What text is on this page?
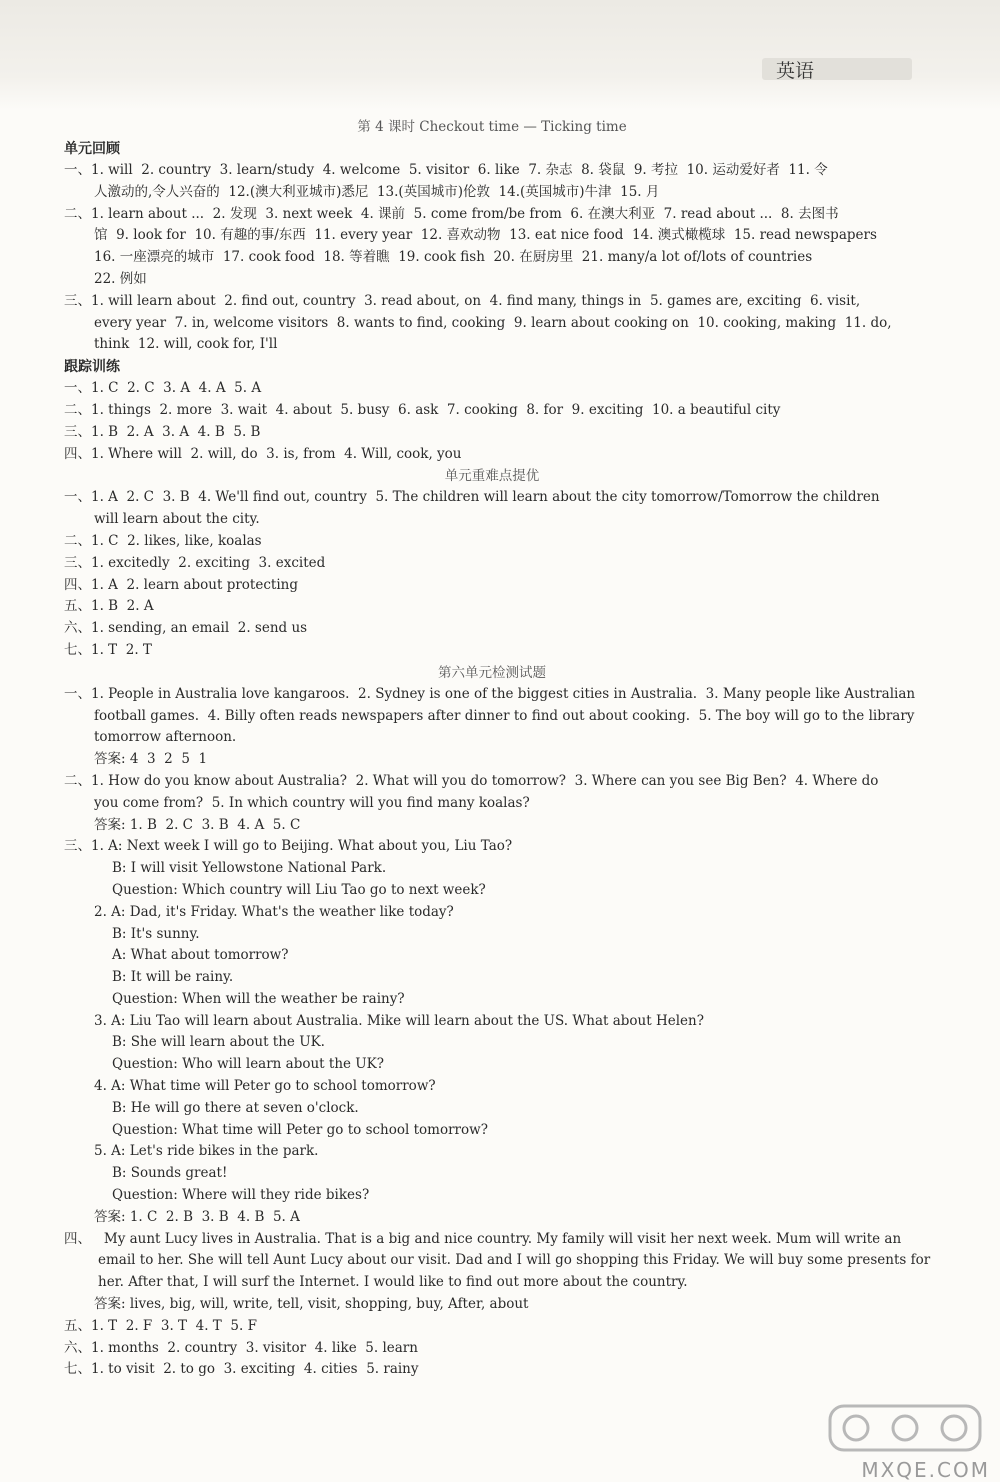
英语
第 4 课时 Checkout time — Ticking time
单元回顾
一、1. will  2. country  3. learn/study  4. welcome  5. visitor  6. like  7. 杂志  8. 袋鼠  9. 考拉  10. 运动爱好者  11. 令
人激动的,令人兴奋的  12.(澳大利亚城市)悉尼  13.(英国城市)伦敦  14.(英国城市)牛津  15. 月
二、1. learn about ...  2. 发现  3. next week  4. 课前  5. come from/be from  6. 在澳大利亚  7. read about ...  8. 去图书
馆  9. look for  10. 有趣的事/东西  11. every year  12. 喜欢动物  13. eat nice food  14. 澳式橄榄球  15. read newspapers
16. 一座漂亮的城市  17. cook food  18. 等着瞧  19. cook fish  20. 在厨房里  21. many/a lot of/lots of countries
22. 例如
三、1. will learn about  2. find out, country  3. read about, on  4. find many, things in  5. games are, exciting  6. visit,
every year  7. in, welcome visitors  8. wants to find, cooking  9. learn about cooking on  10. cooking, making  11. do,
think  12. will, cook for, I'll
跟踪训练
一、1. C  2. C  3. A  4. A  5. A
二、1. things  2. more  3. wait  4. about  5. busy  6. ask  7. cooking  8. for  9. exciting  10. a beautiful city
三、1. B  2. A  3. A  4. B  5. B
四、1. Where will  2. will, do  3. is, from  4. Will, cook, you
单元重难点提优
一、1. A  2. C  3. B  4. We'll find out, country  5. The children will learn about the city tomorrow/Tomorrow the children
will learn about the city.
二、1. C  2. likes, like, koalas
三、1. excitedly  2. exciting  3. excited
四、1. A  2. learn about protecting
五、1. B  2. A
六、1. sending, an email  2. send us
七、1. T  2. T
第六单元检测试题
一、1. People in Australia love kangaroos.  2. Sydney is one of the biggest cities in Australia.  3. Many people like Australian
football games.  4. Billy often reads newspapers after dinner to find out about cooking.  5. The boy will go to the library
tomorrow afternoon.
答案: 4  3  2  5  1
二、1. How do you know about Australia?  2. What will you do tomorrow?  3. Where can you see Big Ben?  4. Where do
you come from?  5. In which country will you find many koalas?
答案: 1. B  2. C  3. B  4. A  5. C
三、1. A: Next week I will go to Beijing. What about you, Liu Tao?
B: I will visit Yellowstone National Park.
Question: Which country will Liu Tao go to next week?
2. A: Dad, it's Friday. What's the weather like today?
B: It's sunny.
A: What about tomorrow?
B: It will be rainy.
Question: When will the weather be rainy?
3. A: Liu Tao will learn about Australia. Mike will learn about the US. What about Helen?
B: She will learn about the UK.
Question: Who will learn about the UK?
4. A: What time will Peter go to school tomorrow?
B: He will go there at seven o'clock.
Question: What time will Peter go to school tomorrow?
5. A: Let's ride bikes in the park.
B: Sounds great!
Question: Where will they ride bikes?
答案: 1. C  2. B  3. B  4. B  5. A
四、   My aunt Lucy lives in Australia. That is a big and nice country. My family will visit her next week. Mum will write an
email to her. She will tell Aunt Lucy about our visit. Dad and I will go shopping this Friday. We will buy some presents for
her. After that, I will surf the Internet. I would like to find out more about the country.
答案: lives, big, will, write, tell, visit, shopping, buy, After, about
五、1. T  2. F  3. T  4. T  5. F
六、1. months  2. country  3. visitor  4. like  5. learn
七、1. to visit  2. to go  3. exciting  4. cities  5. rainy
MXQE.COM
